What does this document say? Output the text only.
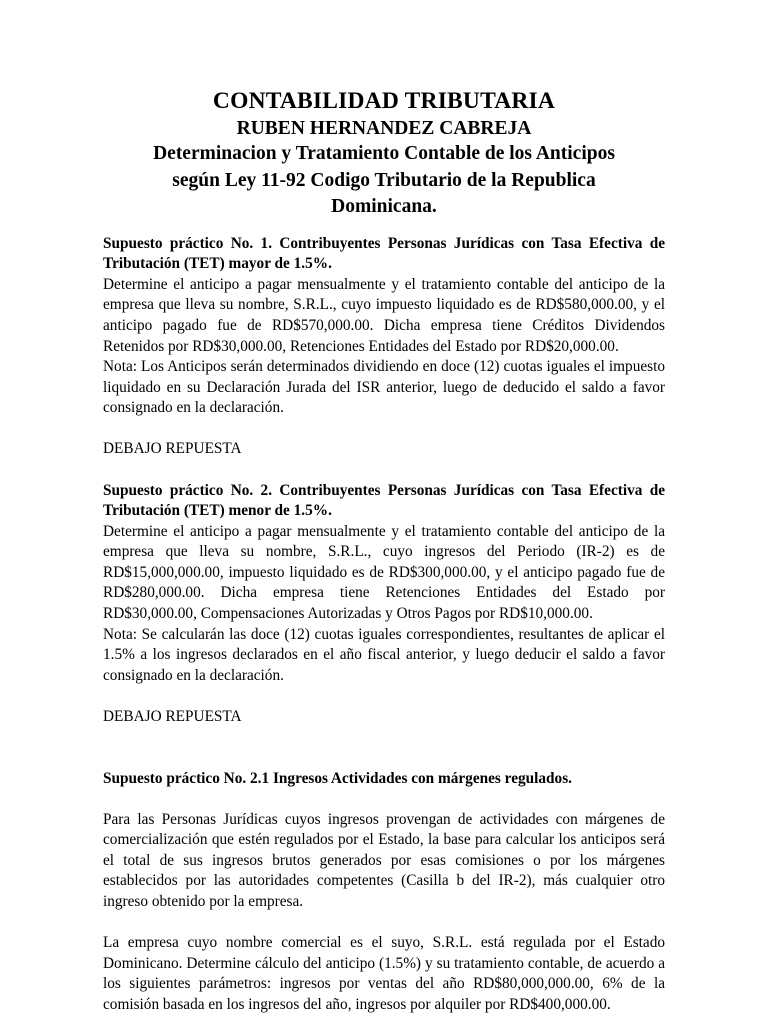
CONTABILIDAD TRIBUTARIA
RUBEN HERNANDEZ CABREJA
Determinacion y Tratamiento Contable de los Anticipos
según Ley 11-92 Codigo Tributario de la Republica
Dominicana.

Supuesto práctico No. 1. Contribuyentes Personas Jurídicas con Tasa Efectiva de Tributación (TET) mayor de 1.5%.

Determine el anticipo a pagar mensualmente y el tratamiento contable del anticipo de la empresa que lleva su nombre, S.R.L., cuyo impuesto liquidado es de RD$580,000.00, y el anticipo pagado fue de RD$570,000.00. Dicha empresa tiene Créditos Dividendos Retenidos por RD$30,000.00, Retenciones Entidades del Estado por RD$20,000.00.

Nota: Los Anticipos serán determinados dividiendo en doce (12) cuotas iguales el impuesto liquidado en su Declaración Jurada del ISR anterior, luego de deducido el saldo a favor consignado en la declaración.

DEBAJO REPUESTA

Supuesto práctico No. 2. Contribuyentes Personas Jurídicas con Tasa Efectiva de Tributación (TET) menor de 1.5%.

Determine el anticipo a pagar mensualmente y el tratamiento contable del anticipo de la empresa que lleva su nombre, S.R.L., cuyo ingresos del Periodo (IR-2) es de RD$15,000,000.00, impuesto liquidado es de RD$300,000.00, y el anticipo pagado fue de RD$280,000.00. Dicha empresa tiene Retenciones Entidades del Estado por RD$30,000.00, Compensaciones Autorizadas y Otros Pagos por RD$10,000.00.

Nota: Se calcularán las doce (12) cuotas iguales correspondientes, resultantes de aplicar el 1.5% a los ingresos declarados en el año fiscal anterior, y luego deducir el saldo a favor consignado en la declaración.

DEBAJO REPUESTA

Supuesto práctico No. 2.1 Ingresos Actividades con márgenes regulados.

Para las Personas Jurídicas cuyos ingresos provengan de actividades con márgenes de comercialización que estén regulados por el Estado, la base para calcular los anticipos será el total de sus ingresos brutos generados por esas comisiones o por los márgenes establecidos por las autoridades competentes (Casilla b del IR-2), más cualquier otro ingreso obtenido por la empresa.

La empresa cuyo nombre comercial es el suyo, S.R.L. está regulada por el Estado Dominicano. Determine cálculo del anticipo (1.5%) y su tratamiento contable, de acuerdo a los siguientes parámetros: ingresos por ventas del año RD$80,000,000.00, 6% de la comisión basada en los ingresos del año, ingresos por alquiler por RD$400,000.00.
